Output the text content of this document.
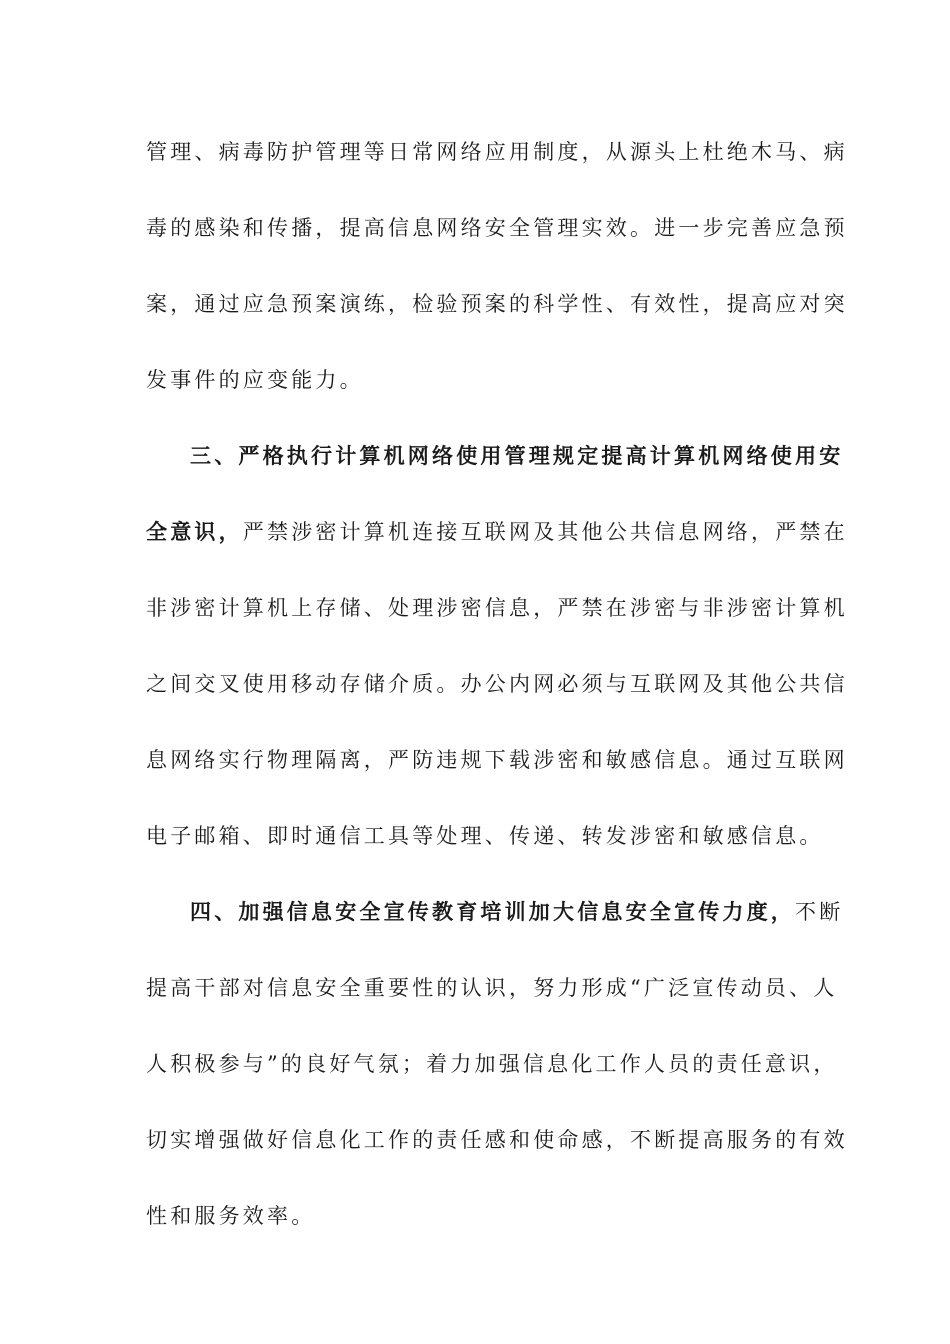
管理、病毒防护管理等日常网络应用制度，从源头上杜绝木马、病
毒的感染和传播，提高信息网络安全管理实效。进一步完善应急预
案，通过应急预案演练，检验预案的科学性、有效性，提高应对突
发事件的应变能力。
三、严格执行计算机网络使用管理规定提高计算机网络使用安
全意识，严禁涉密计算机连接互联网及其他公共信息网络，严禁在
非涉密计算机上存储、处理涉密信息，严禁在涉密与非涉密计算机
之间交叉使用移动存储介质。办公内网必须与互联网及其他公共信
息网络实行物理隔离，严防违规下载涉密和敏感信息。通过互联网
电子邮箱、即时通信工具等处理、传递、转发涉密和敏感信息。
四、加强信息安全宣传教育培训加大信息安全宣传力度，不断
提高干部对信息安全重要性的认识，努力形成“广泛宣传动员、人
人积极参与”的良好气氛；着力加强信息化工作人员的责任意识，
切实增强做好信息化工作的责任感和使命感，不断提高服务的有效
性和服务效率。
